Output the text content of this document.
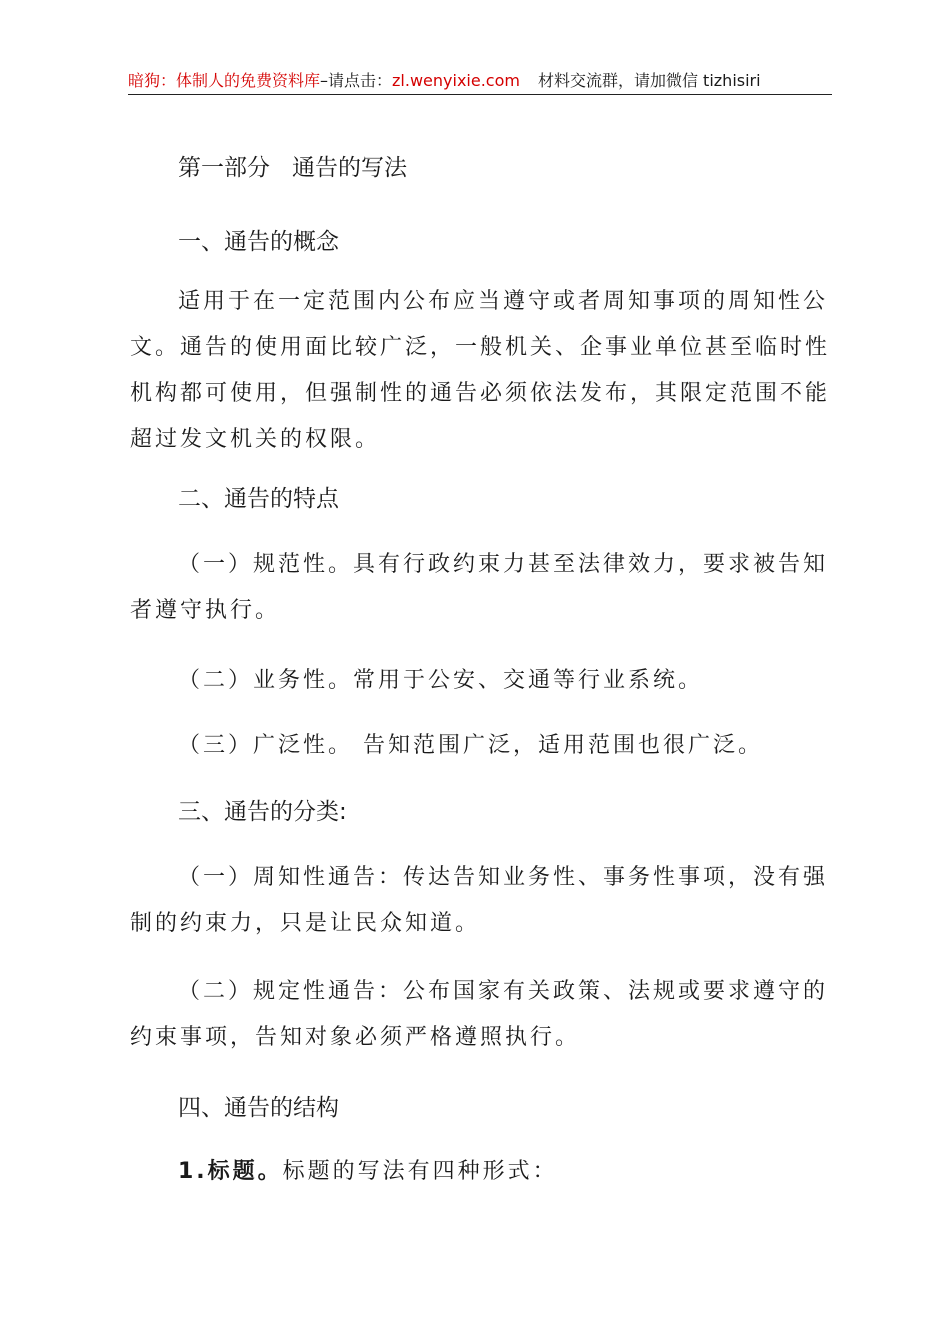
暗狗：体制人的免费资料库–请点击：zl.wenyixie.com 材料交流群，请加微信 tizhisiri
第一部分 通告的写法
一、通告的概念
适用于在一定范围内公布应当遵守或者周知事项的周知性公文。通告的使用面比较广泛，一般机关、企事业单位甚至临时性机构都可使用，但强制性的通告必须依法发布，其限定范围不能超过发文机关的权限。
二、通告的特点
（一）规范性。具有行政约束力甚至法律效力，要求被告知者遵守执行。
（二）业务性。常用于公安、交通等行业系统。
（三）广泛性。 告知范围广泛，适用范围也很广泛。
三、通告的分类:
（一）周知性通告：传达告知业务性、事务性事项，没有强制的约束力，只是让民众知道。
（二）规定性通告：公布国家有关政策、法规或要求遵守的约束事项，告知对象必须严格遵照执行。
四、通告的结构
1.标题。标题的写法有四种形式：
